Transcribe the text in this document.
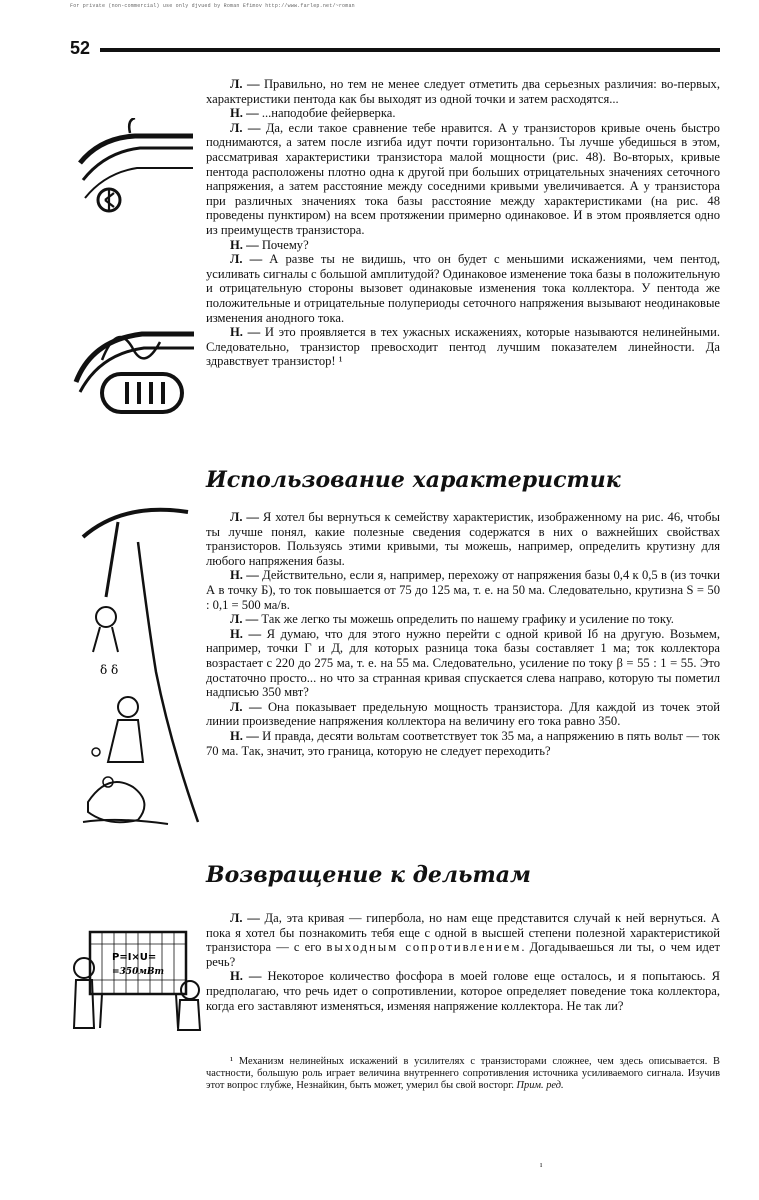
For private (non-commercial) use only djvued by Roman Efimov http://www.farlep.net/~roman
52
δ δ
P=I×U=
=350мВт

Л. — Правильно, но тем не менее следует отметить два серьезных различия: во-первых, характеристики пентода как бы выходят из одной точки и затем расходятся...

Н. — ...наподобие фейерверка.

Л. — Да, если такое сравнение тебе нравится. А у транзисторов кривые очень быстро поднимаются, а затем после изгиба идут почти горизонтально. Ты лучше убедишься в этом, рассматривая характеристики транзистора малой мощности (рис. 48). Во-вторых, кривые пентода расположены плотно одна к другой при больших отрицательных значениях сеточного напряжения, а затем расстояние между соседними кривыми увеличивается. А у транзистора при различных значениях тока базы расстояние между характеристиками (на рис. 48 проведены пунктиром) на всем протяжении примерно одинаковое. И в этом проявляется одно из преимуществ транзистора.

Н. — Почему?

Л. — А разве ты не видишь, что он будет с меньшими искажениями, чем пентод, усиливать сигналы с большой амплитудой? Одинаковое изменение тока базы в положительную и отрицательную стороны вызовет одинаковые изменения тока коллектора. У пентода же положительные и отрицательные полупериоды сеточного напряжения вызывают неодинаковые изменения анодного тока.

Н. — И это проявляется в тех ужасных искажениях, которые называются нелинейными. Следовательно, транзистор превосходит пентод лучшим показателем линейности. Да здравствует транзистор! ¹

Использование характеристик

Л. — Я хотел бы вернуться к семейству характеристик, изображенному на рис. 46, чтобы ты лучше понял, какие полезные сведения содержатся в них о важнейших свойствах транзисторов. Пользуясь этими кривыми, ты можешь, например, определить крутизну для любого напряжения базы.

Н. — Действительно, если я, например, перехожу от напряжения базы 0,4 к 0,5 в (из точки А в точку Б), то ток повышается от 75 до 125 ма, т. е. на 50 ма. Следовательно, крутизна S = 50 : 0,1 = 500 ма/в.

Л. — Так же легко ты можешь определить по нашему графику и усиление по току.

Н. — Я думаю, что для этого нужно перейти с одной кривой Iб на другую. Возьмем, например, точки Г и Д, для которых разница тока базы составляет 1 ма; ток коллектора возрастает с 220 до 275 ма, т. е. на 55 ма. Следовательно, усиление по току β = 55 : 1 = 55. Это достаточно просто... но что за странная кривая спускается слева направо, которую ты пометил надписью 350 мвт?

Л. — Она показывает предельную мощность транзистора. Для каждой из точек этой линии произведение напряжения коллектора на величину его тока равно 350.

Н. — И правда, десяти вольтам соответствует ток 35 ма, а напряжению в пять вольт — ток 70 ма. Так, значит, это граница, которую не следует переходить?

Возвращение к дельтам

Л. — Да, эта кривая — гипербола, но нам еще представится случай к ней вернуться. А пока я хотел бы познакомить тебя еще с одной в высшей степени полезной характеристикой транзистора — с его выходным сопротивлением. Догадываешься ли ты, о чем идет речь?

Н. — Некоторое количество фосфора в моей голове еще осталось, и я попытаюсь. Я предполагаю, что речь идет о сопротивлении, которое определяет поведение тока коллектора, когда его заставляют изменяться, изменяя напряжение коллектора. Не так ли?

¹ Механизм нелинейных искажений в усилителях с транзисторами сложнее, чем здесь описывается. В частности, большую роль играет величина внутреннего сопротивления источника усиливаемого сигнала. Изучив этот вопрос глубже, Незнайкин, быть может, умерил бы свой восторг. Прим. ред.

ı
